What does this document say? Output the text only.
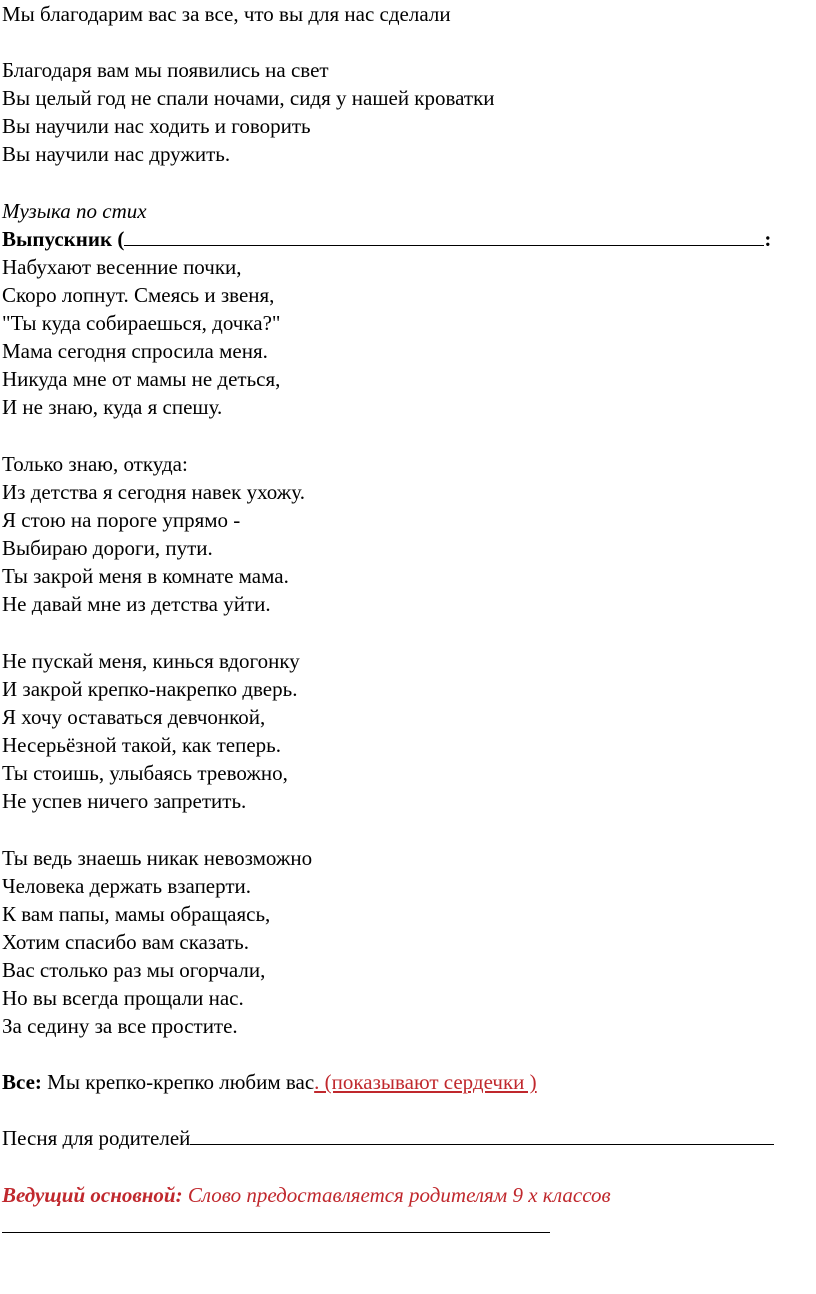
Мы благодарим вас за все, что вы для нас сделали
Благодаря вам мы появились на свет
Вы целый год не спали ночами, сидя у нашей кроватки
Вы научили нас ходить и говорить
Вы научили нас дружить.
Музыка по стих
Выпускник (	:
Набухают весенние почки,
Скоро лопнут. Смеясь и звеня,
"Ты куда собираешься, дочка?"
Мама сегодня спросила меня.
Никуда мне от мамы не деться,
И не знаю, куда я спешу.
Только знаю, откуда:
Из детства я сегодня навек ухожу.
Я стою на пороге упрямо -
Выбираю дороги, пути.
Ты закрой меня в комнате мама.
Не давай мне из детства уйти.
Не пускай меня, кинься вдогонку
И закрой крепко-накрепко дверь.
Я хочу оставаться девчонкой,
Несерьёзной такой, как теперь.
Ты стоишь, улыбаясь тревожно,
Не успев ничего запретить.
Ты ведь знаешь никак невозможно
Человека держать взаперти.
К вам папы, мамы обращаясь,
Хотим спасибо вам сказать.
Вас столько раз мы огорчали,
Но вы всегда прощали нас.
За седину за все простите.
Все: Мы крепко-крепко любим вас. (показывают сердечки )
Песня для родителей
Ведущий основной: Слово предоставляется родителям 9 х классов
